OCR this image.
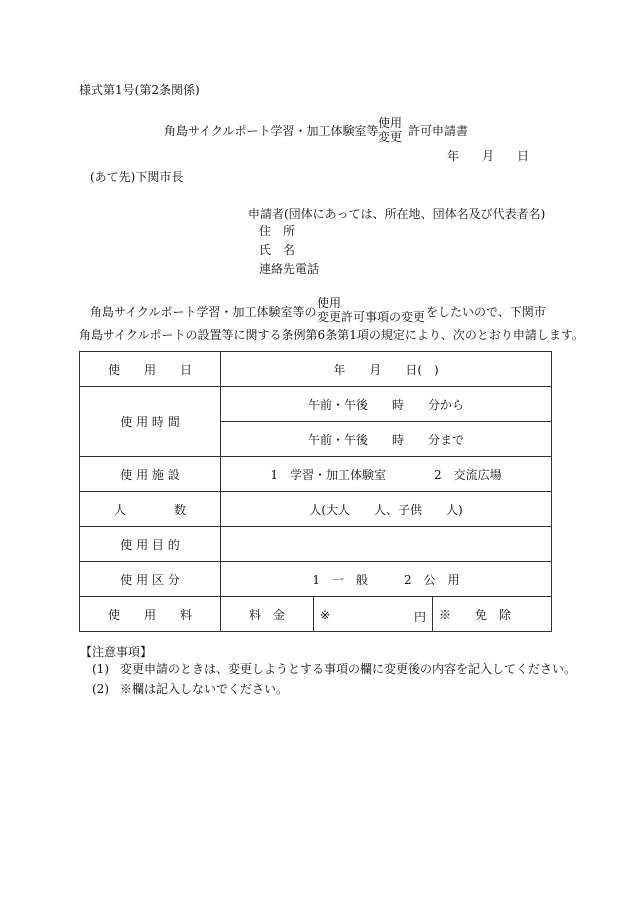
様式第1号(第2条関係)
角島サイクルポート学習・加工体験室等
使用
変更 許可申請書
年 月 日
(あて先)下関市長
申請者(団体にあっては、所在地、団体名及び代表者名)
住　所
氏　名
連絡先電話
角島サイクルポート学習・加工体験室等の
使用
変更許可事項の変更 をしたいので、下関市
角島サイクルポートの設置等に関する条例第6条第1項の規定により、次のとおり申請します。
使　　用　　日	年　　月　　日(　)		
使 用 時 間	午前・午後　　時　　分から		
	午前・午後　　時　　分まで		
使 用 施 設	1　学習・加工体験室　　　　2　交流広場		
人　　　　数	人(大人　　人、子供　　人)		
使 用 目 的			
使 用 区 分	1　一　般　　　2　公　用		
使　　用　　料	料　金	※ 円	※　　免　除
【注意事項】
(1) 変更申請のときは、変更しようとする事項の欄に変更後の内容を記入してください。
(2) ※欄は記入しないでください。
